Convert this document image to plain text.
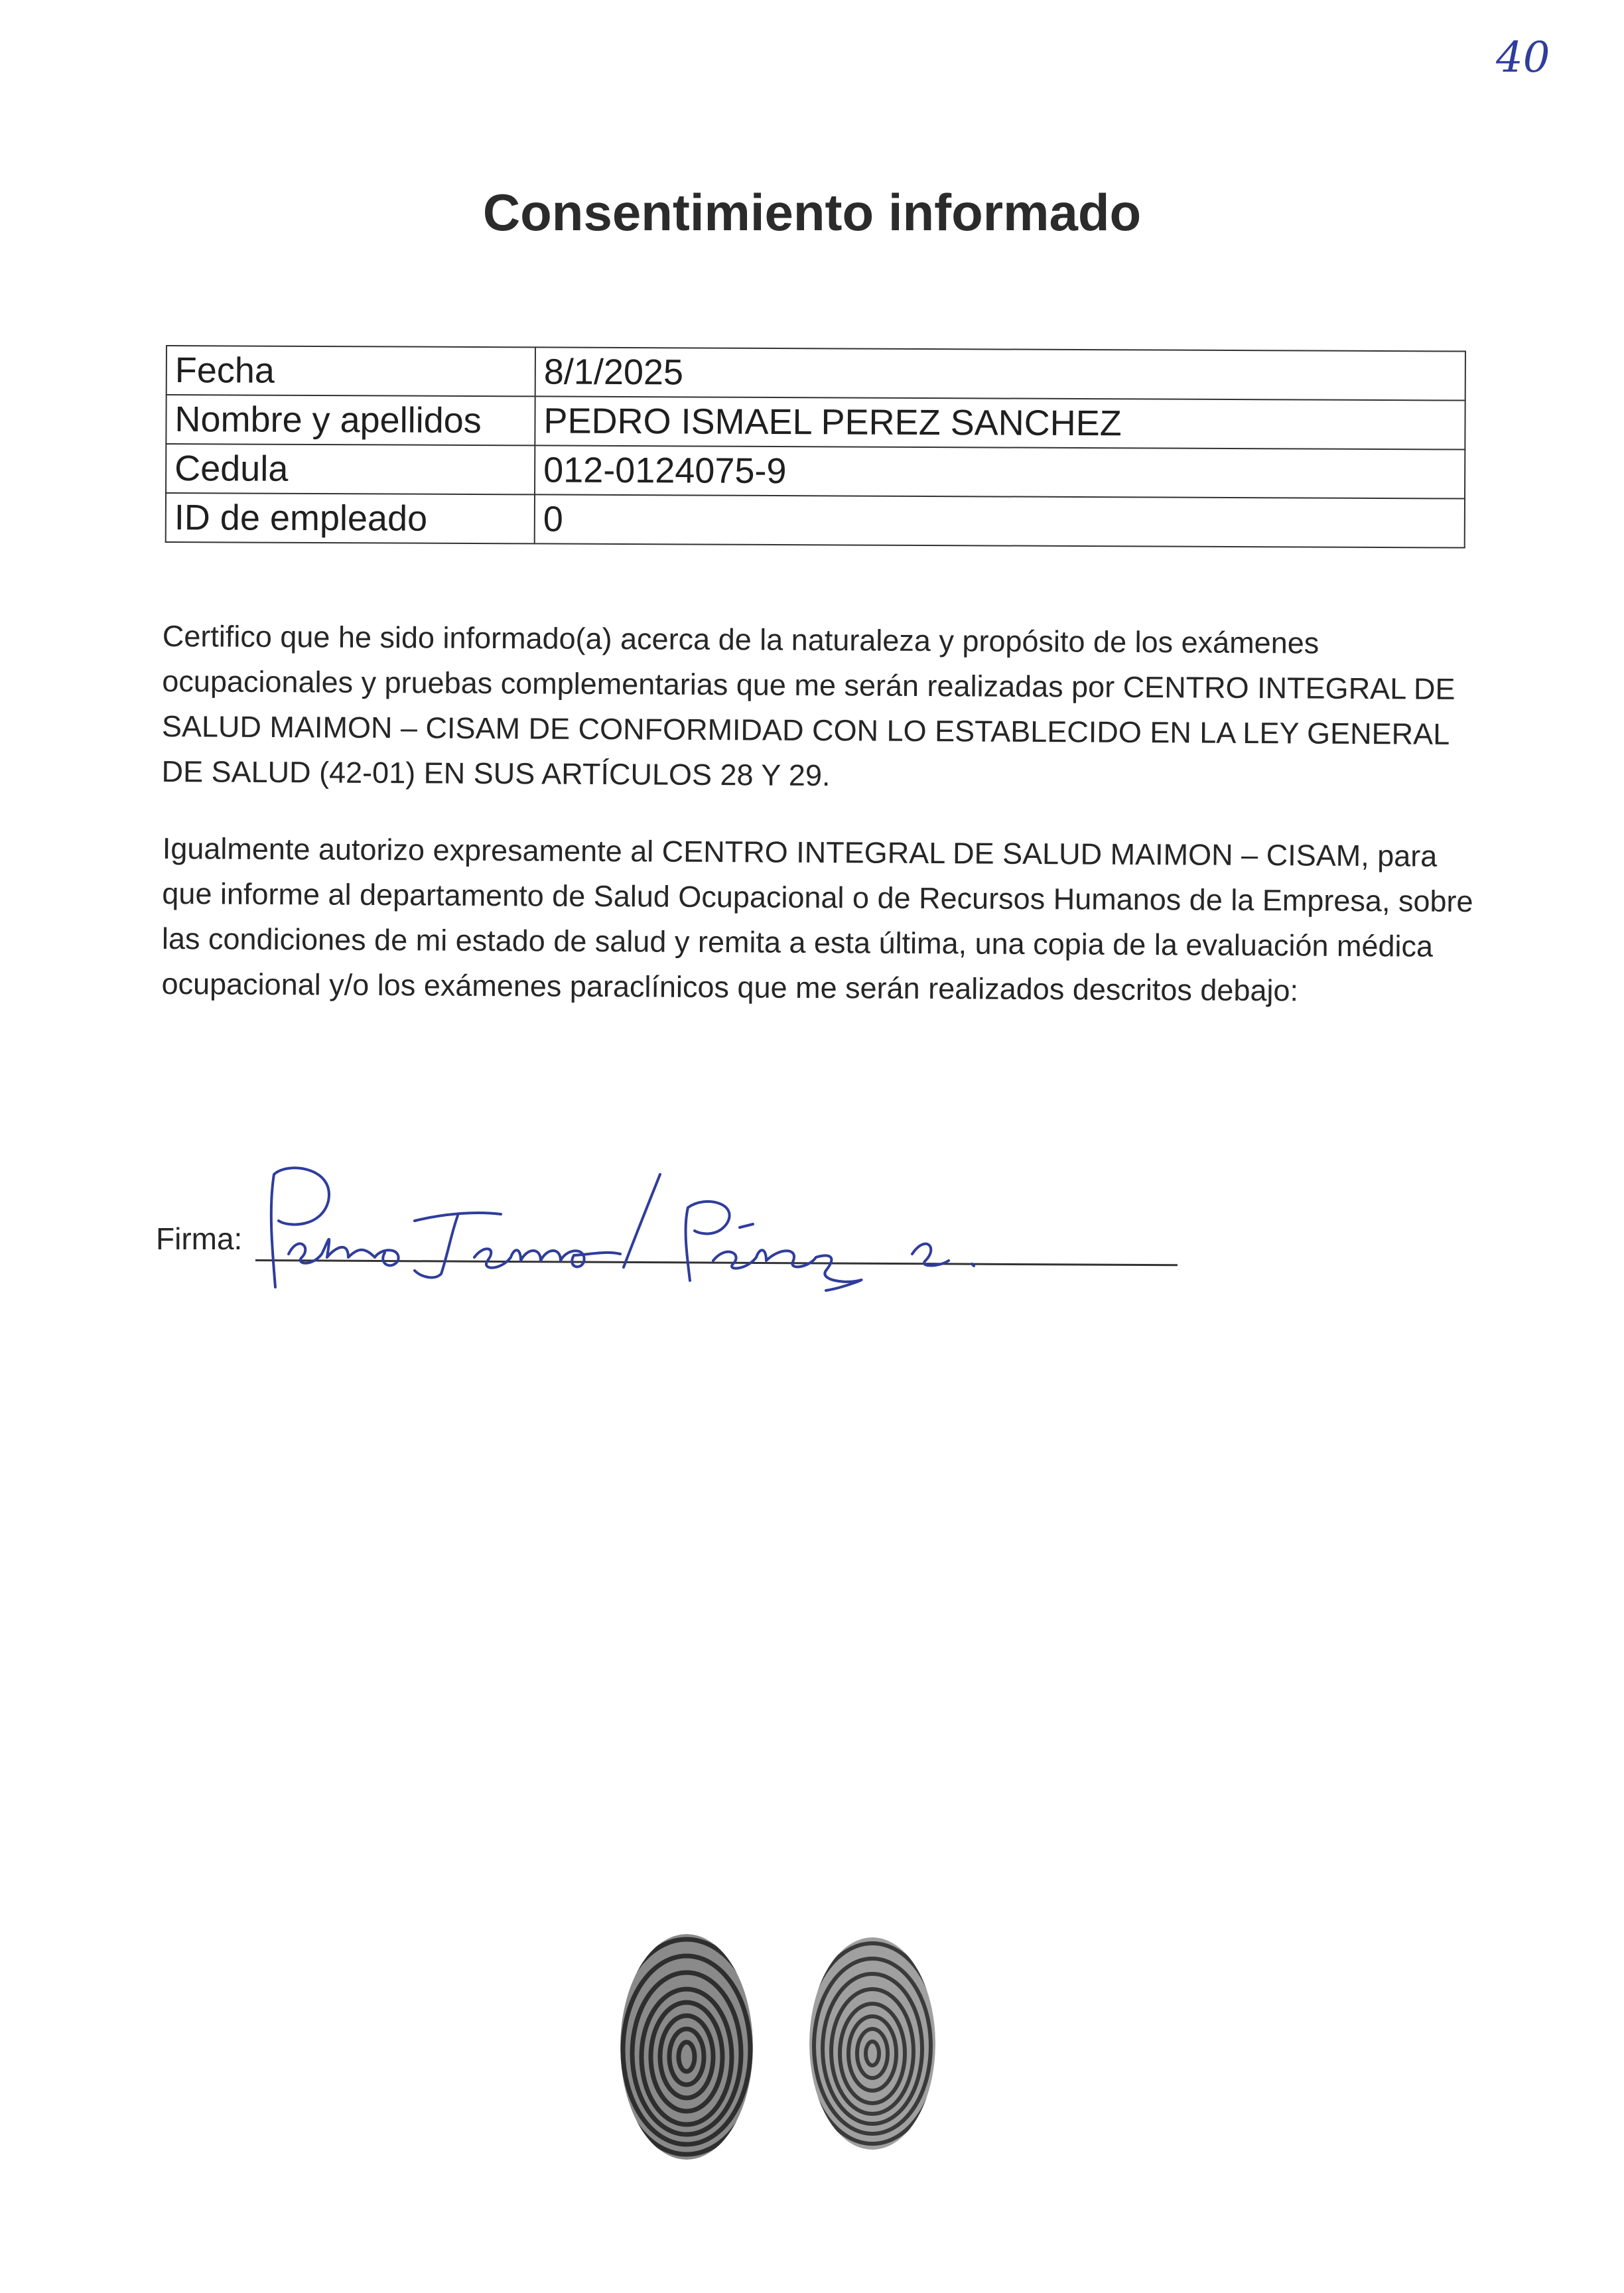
40
Consentimiento informado
Fecha	8/1/2025
Nombre y apellidos	PEDRO ISMAEL PEREZ SANCHEZ
Cedula	012-0124075-9
ID de empleado	0

Certifico que he sido informado(a) acerca de la naturaleza y propósito de los exámenes ocupacionales y pruebas complementarias que me serán realizadas por CENTRO INTEGRAL DE SALUD MAIMON – CISAM DE CONFORMIDAD CON LO ESTABLECIDO EN LA LEY GENERAL DE SALUD (42-01) EN SUS ARTÍCULOS 28 Y 29.

Igualmente autorizo expresamente al CENTRO INTEGRAL DE SALUD MAIMON – CISAM, para que informe al departamento de Salud Ocupacional o de Recursos Humanos de la Empresa, sobre las condiciones de mi estado de salud y remita a esta última, una copia de la evaluación médica ocupacional y/o los exámenes paraclínicos que me serán realizados descritos debajo:

Firma:
